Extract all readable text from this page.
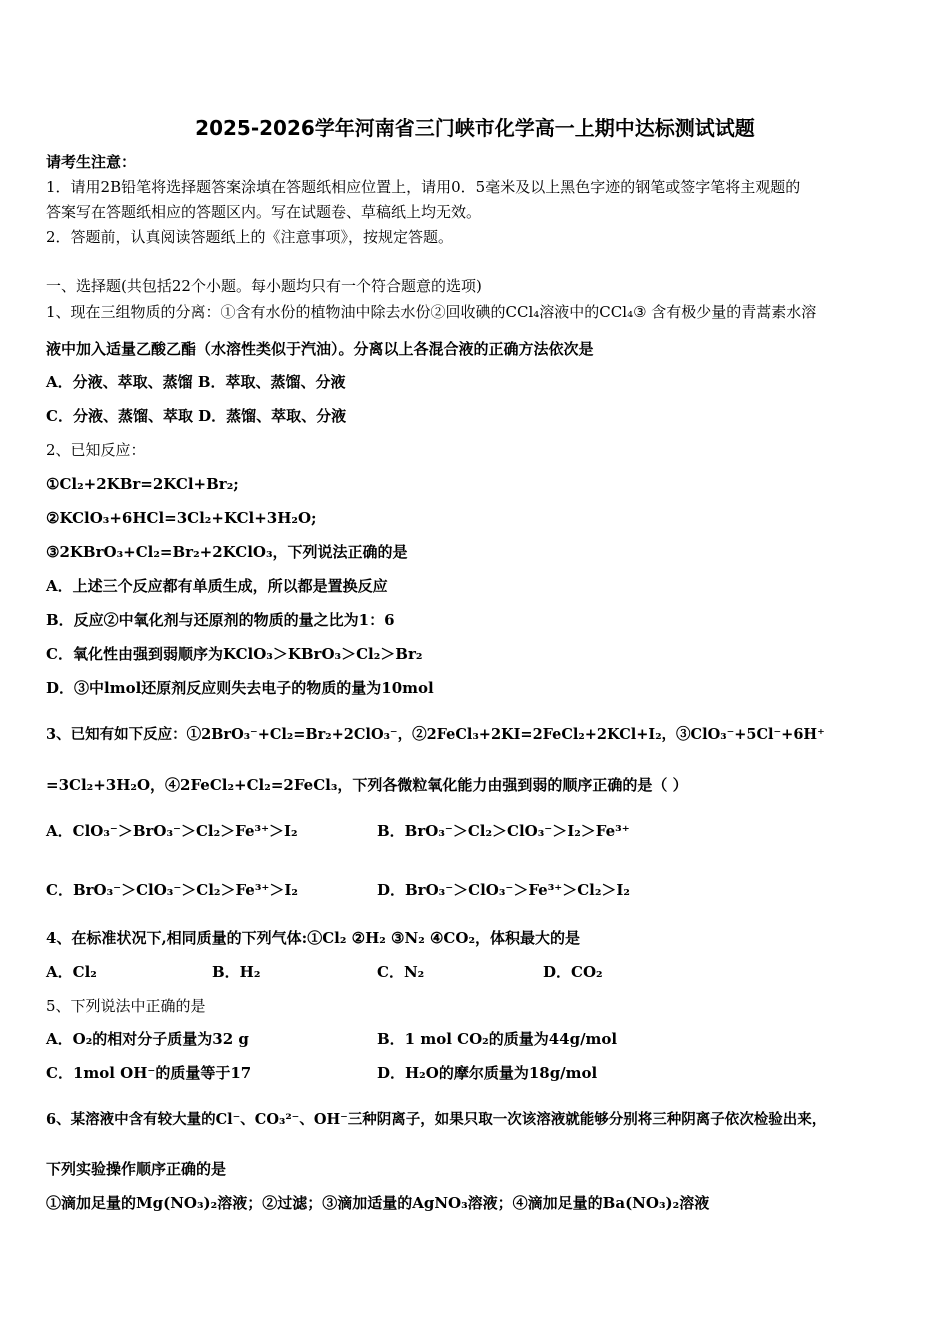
2025-2026学年河南省三门峡市化学高一上期中达标测试试题
请考生注意：
1．请用2B铅笔将选择题答案涂填在答题纸相应位置上，请用0．5毫米及以上黑色字迹的钢笔或签字笔将主观题的
答案写在答题纸相应的答题区内。写在试题卷、草稿纸上均无效。
2．答题前，认真阅读答题纸上的《注意事项》，按规定答题。
一、选择题(共包括22个小题。每小题均只有一个符合题意的选项)
1、现在三组物质的分离：①含有水份的植物油中除去水份②回收碘的CCl₄溶液中的CCl₄③ 含有极少量的青蒿素水溶
液中加入适量乙酸乙酯（水溶性类似于汽油）。分离以上各混合液的正确方法依次是
A．分液、萃取、蒸馏 B．萃取、蒸馏、分液
C．分液、蒸馏、萃取 D．蒸馏、萃取、分液
2、已知反应：
①Cl₂+2KBr=2KCl+Br₂;
②KClO₃+6HCl=3Cl₂+KCl+3H₂O;
③2KBrO₃+Cl₂=Br₂+2KClO₃，下列说法正确的是
A．上述三个反应都有单质生成，所以都是置换反应
B．反应②中氧化剂与还原剂的物质的量之比为1：6
C．氧化性由强到弱顺序为KClO₃＞KBrO₃＞Cl₂＞Br₂
D．③中lmol还原剂反应则失去电子的物质的量为10mol
3、已知有如下反应：①2BrO₃⁻+Cl₂=Br₂+2ClO₃⁻，②2FeCl₃+2KI=2FeCl₂+2KCl+I₂，③ClO₃⁻+5Cl⁻+6H⁺
=3Cl₂+3H₂O，④2FeCl₂+Cl₂=2FeCl₃，下列各微粒氧化能力由强到弱的顺序正确的是（ ）
A．ClO₃⁻＞BrO₃⁻＞Cl₂＞Fe³⁺＞I₂	B．BrO₃⁻＞Cl₂＞ClO₃⁻＞I₂＞Fe³⁺
C．BrO₃⁻＞ClO₃⁻＞Cl₂＞Fe³⁺＞I₂	D．BrO₃⁻＞ClO₃⁻＞Fe³⁺＞Cl₂＞I₂
4、在标准状况下,相同质量的下列气体:①Cl₂ ②H₂ ③N₂ ④CO₂，体积最大的是
A．Cl₂	B．H₂	C．N₂	D．CO₂
5、下列说法中正确的是
A．O₂的相对分子质量为32 g	B．1 mol CO₂的质量为44g/mol
C．1mol OH⁻的质量等于17	D．H₂O的摩尔质量为18g/mol
6、某溶液中含有较大量的Cl⁻、CO₃²⁻、OH⁻三种阴离子，如果只取一次该溶液就能够分别将三种阴离子依次检验出来，
下列实验操作顺序正确的是
①滴加足量的Mg(NO₃)₂溶液；②过滤；③滴加适量的AgNO₃溶液；④滴加足量的Ba(NO₃)₂溶液
